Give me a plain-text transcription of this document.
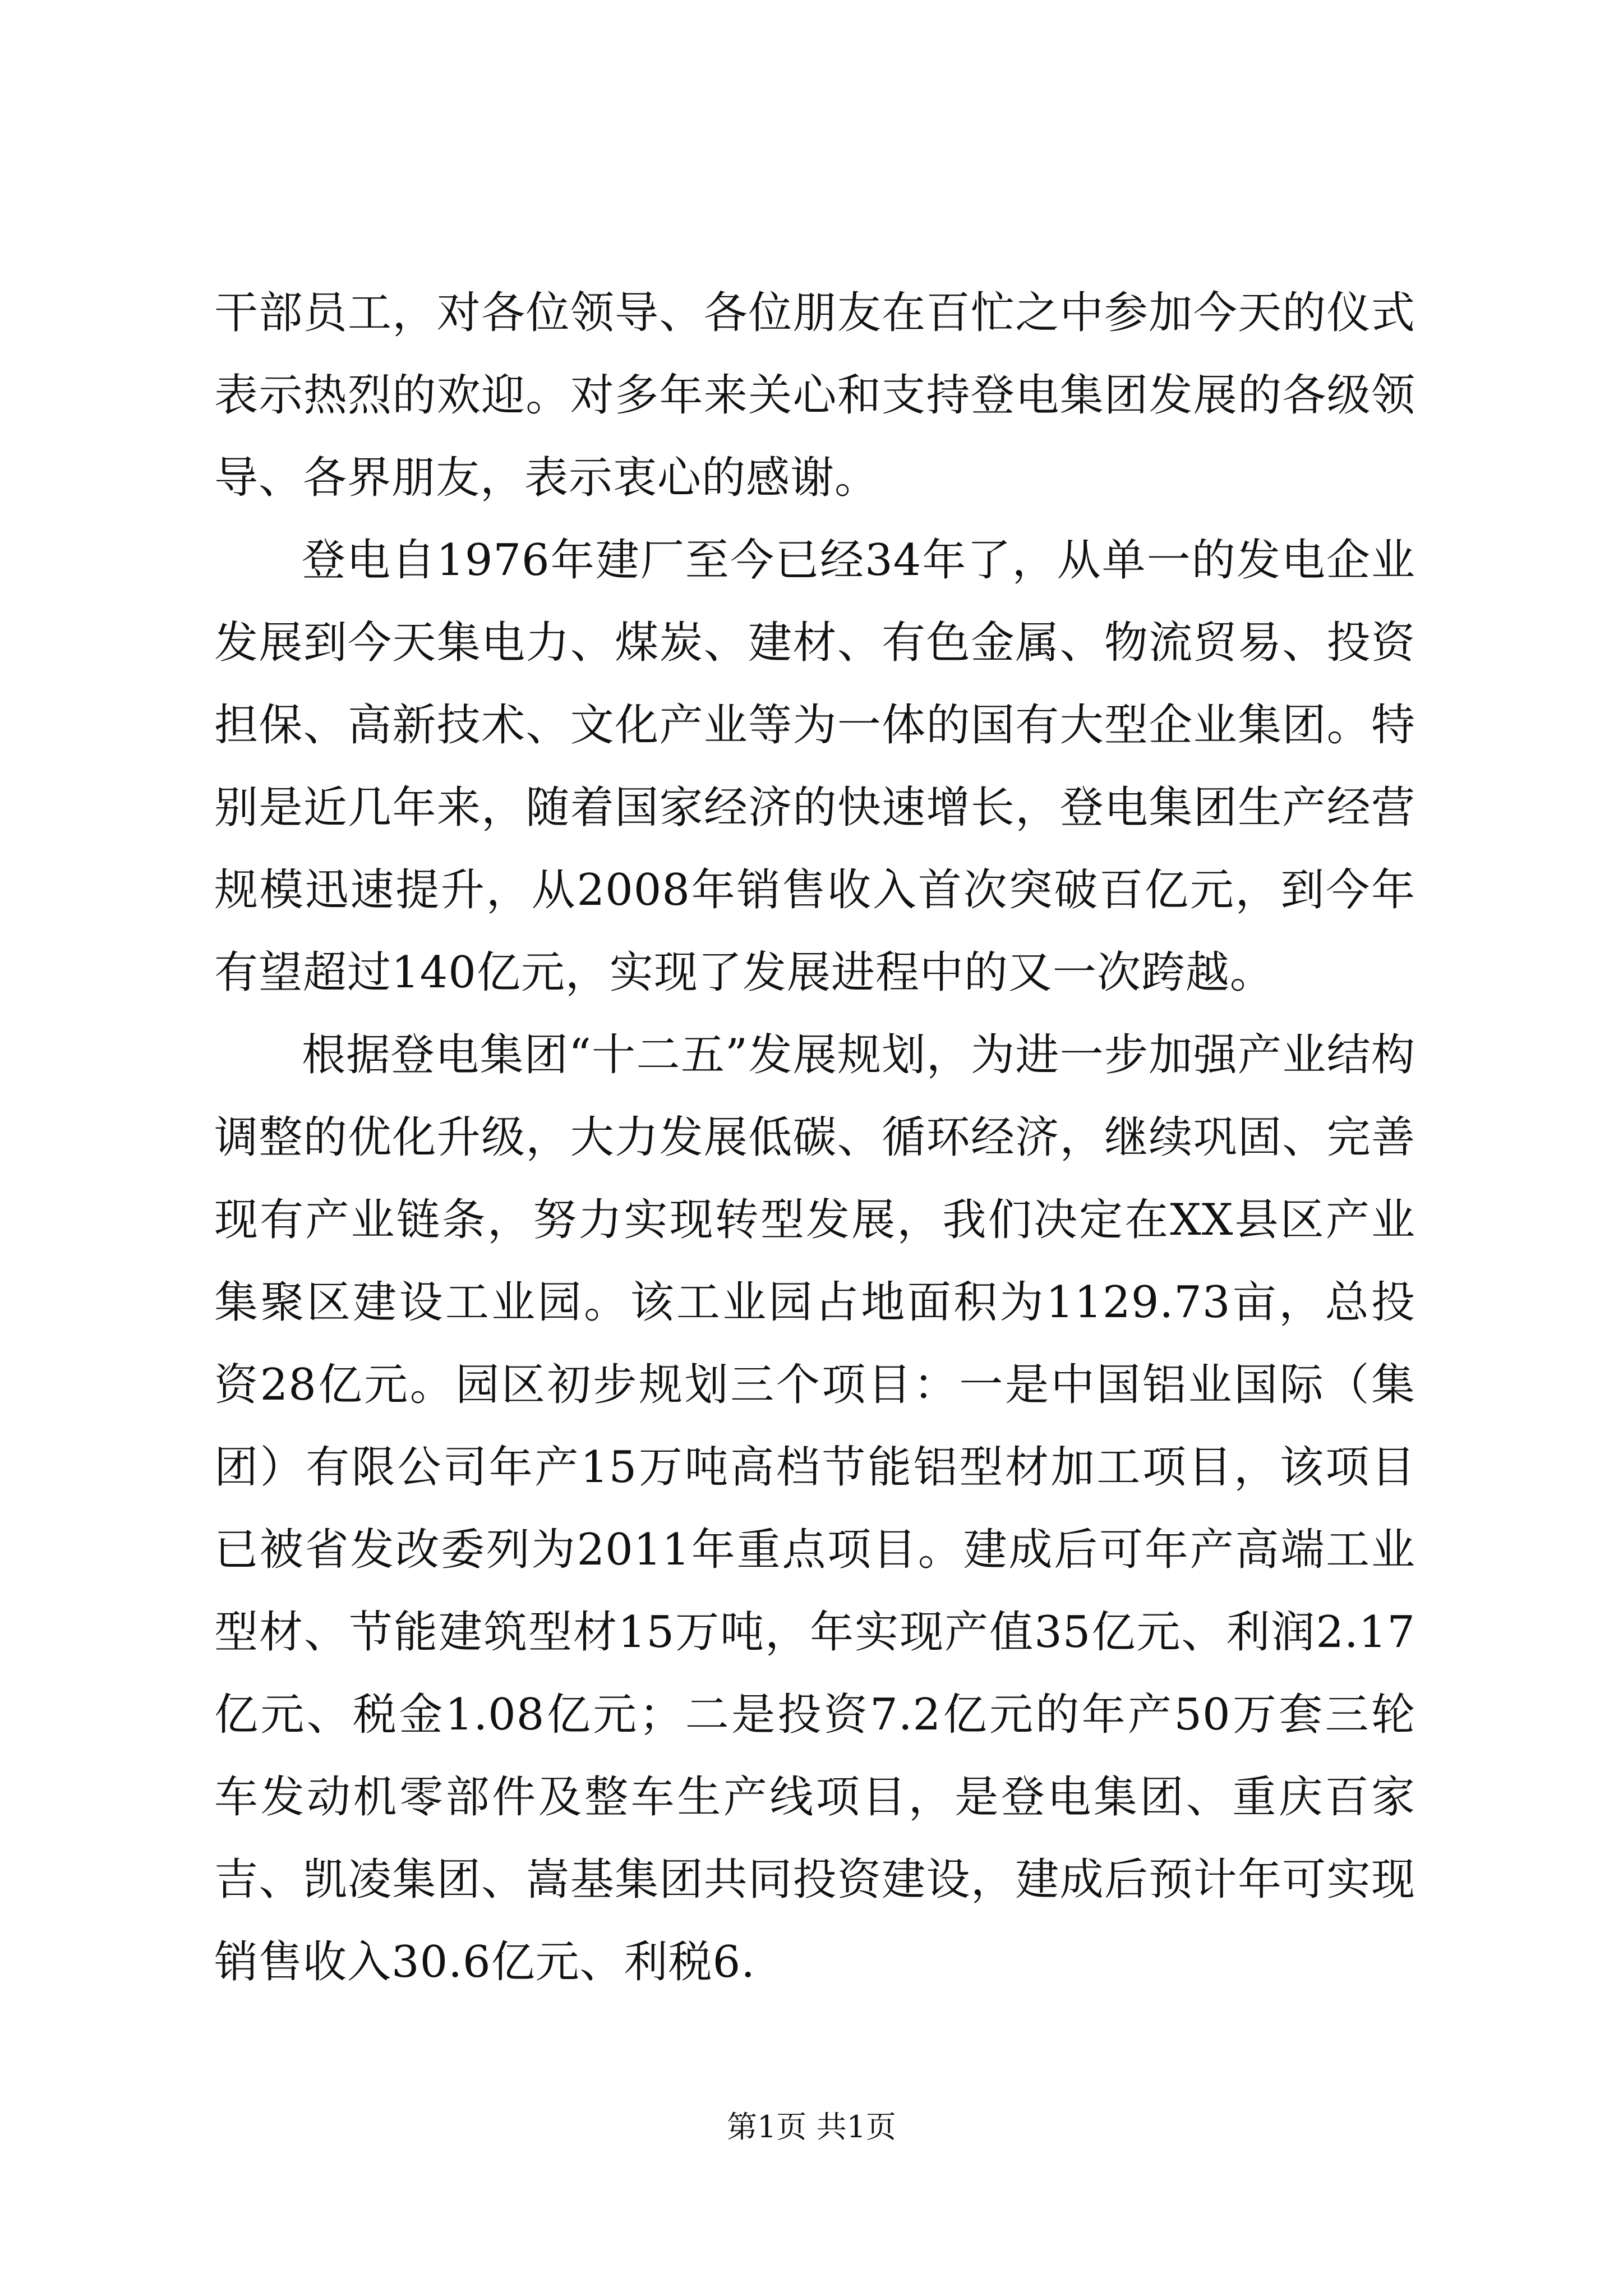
干部员工，对各位领导、各位朋友在百忙之中参加今天的仪式表示热烈的欢迎。对多年来关心和支持登电集团发展的各级领导、各界朋友，表示衷心的感谢。

登电自1976年建厂至今已经34年了，从单一的发电企业发展到今天集电力、煤炭、建材、有色金属、物流贸易、投资担保、高新技术、文化产业等为一体的国有大型企业集团。特别是近几年来，随着国家经济的快速增长，登电集团生产经营规模迅速提升，从2008年销售收入首次突破百亿元，到今年有望超过140亿元，实现了发展进程中的又一次跨越。

根据登电集团“十二五”发展规划，为进一步加强产业结构调整的优化升级，大力发展低碳、循环经济，继续巩固、完善现有产业链条，努力实现转型发展，我们决定在XX县区产业集聚区建设工业园。该工业园占地面积为1129.73亩，总投资28亿元。园区初步规划三个项目：一是中国铝业国际（集团）有限公司年产15万吨高档节能铝型材加工项目，该项目已被省发改委列为2011年重点项目。建成后可年产高端工业型材、节能建筑型材15万吨，年实现产值35亿元、利润2.17亿元、税金1.08亿元；二是投资7.2亿元的年产50万套三轮车发动机零部件及整车生产线项目，是登电集团、重庆百家吉、凯凌集团、嵩基集团共同投资建设，建成后预计年可实现销售收入30.6亿元、利税6.

第1页 共1页
